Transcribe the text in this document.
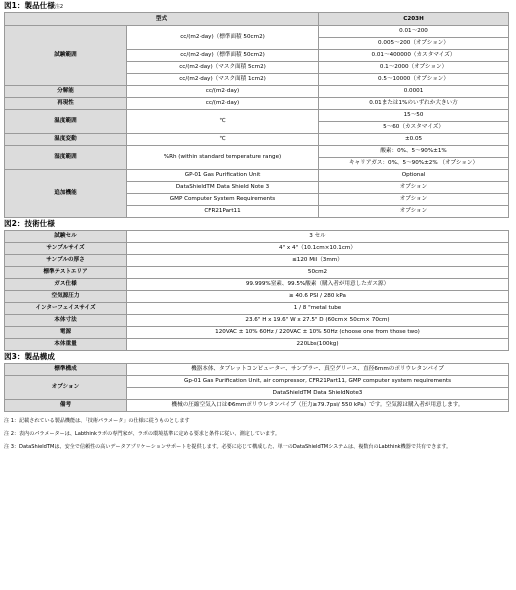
図1：製品仕様注2
型式		C203H
試験範囲	cc/(m2·day)（標準面積 50cm2)	0.01～200
		0.005～200（オプション）
	cc/(m2·day)（標準面積 50cm2)	0.01～400000（カスタマイズ）
	cc/(m2·day)（マスク面積 5cm2)	0.1～2000（オプション）
	cc/(m2·day)（マスク面積 1cm2)	0.5～10000（オプション）
分解能	cc/(m2·day)	0.0001
再現性	cc/(m2·day)	0.01または1%のいずれか大きい方
温度範囲	℃	15～50
		5～60（カスタマイズ）
温度変動	℃	±0.05
湿度範囲	%Rh (within standard temperature range)	酸素：0%、5～90%±1%
		キャリアガス：0%、5～90%±2% （オプション）
追加機能	GP-01 Gas Purification Unit	Optional
	DataShieldTM Data Shield Note 3	オプション
	GMP Computer System Requirements	オプション
	CFR21Part11	オプション
図2：技術仕様
試験セル	3 セル
サンプルサイズ	4" x 4"（10.1cm×10.1cm）
サンプルの厚さ	≤120 Mil（3mm）
標準テストエリア	50cm2
ガス仕様	99.999%窒素、99.5%酸素（購入者が用意したガス源）
空気源圧力	≥ 40.6 PSI / 280 kPa
インターフェイスサイズ	1 / 8 "metal tube
本体寸法	23.6" H x 19.6" W x 27.5" D (60cm× 50cm× 70cm)
電源	120VAC ± 10% 60Hz / 220VAC ± 10% 50Hz (choose one from those two)
本体重量	220Lbs(100kg)
図3：製品構成
標準構成	機器本体、タブレットコンピューター、サンプラー、真空グリース、直径6mmのポリウレタンパイプ
オプション	Gp-01 Gas Purification Unit, air compressor, CFR21Part11, GMP computer system requirements
	DataShieldTM Data ShieldNote3
備考	機械の圧縮空気入口はΦ6mmポリウレタンパイプ（圧力≥79.7psi/ 550 kPa）です。空気源は購入者が用意します。
注 1：記載されている製品機能は、「技術パラメータ」の仕様に従うものとします
注 2：表内のパラメーターは、Labthinkラボの専門家が、ラボの環境基準に定める要求と条件に従い、測定しています。
注 3：DataShieldTMは、安全で信頼性の高いデータアプリケーションサポートを提供します。必要に応じて構成した、単一のDataShieldTMシステムは、複数台のLabthink機器で共有できます。
